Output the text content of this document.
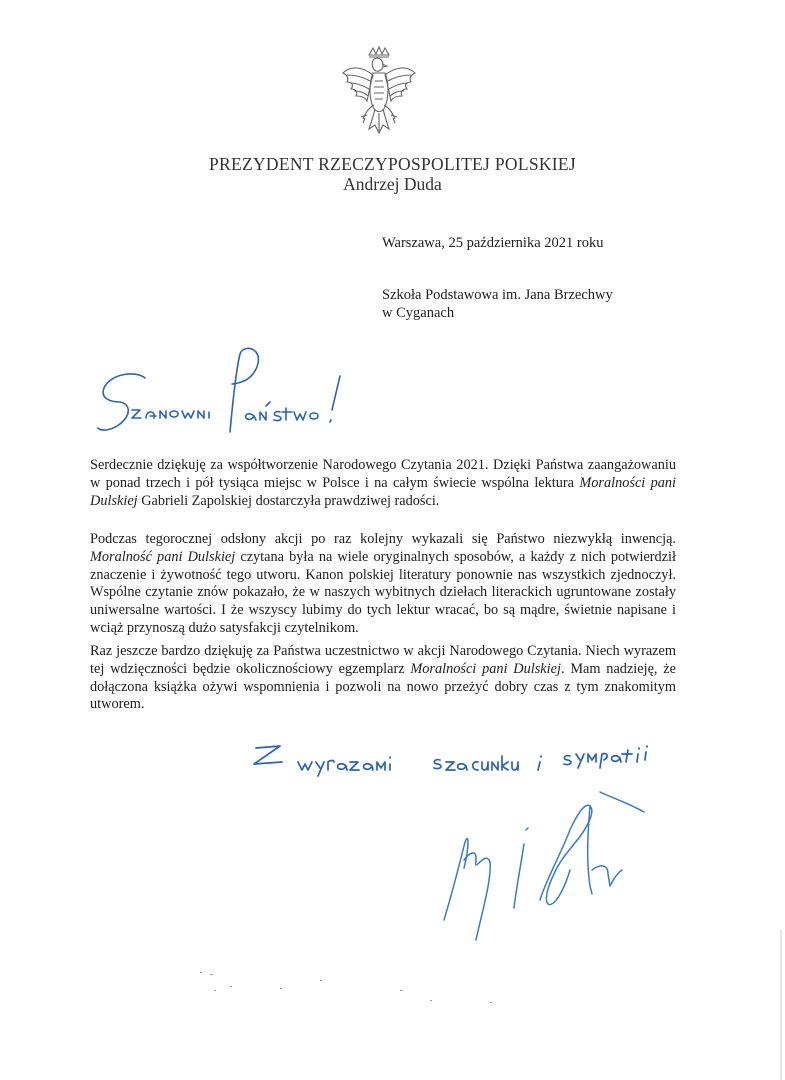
PREZYDENT RZECZYPOSPOLITEJ POLSKIEJ
Andrzej Duda
Warszawa, 25 października 2021 roku
Szkoła Podstawowa im. Jana Brzechwy
w Cyganach
Serdecznie dziękuję za współtworzenie Narodowego Czytania 2021. Dzięki Państwa zaangażowaniu w ponad trzech i pół tysiąca miejsc w Polsce i na całym świecie wspólna lektura Moralności pani Dulskiej Gabrieli Zapolskiej dostarczyła prawdziwej radości.
Podczas tegorocznej odsłony akcji po raz kolejny wykazali się Państwo niezwykłą inwencją. Moralność pani Dulskiej czytana była na wiele oryginalnych sposobów, a każdy z nich potwierdził znaczenie i żywotność tego utworu. Kanon polskiej literatury ponownie nas wszystkich zjednoczył. Wspólne czytanie znów pokazało, że w naszych wybitnych dziełach literackich ugruntowane zostały uniwersalne wartości. I że wszyscy lubimy do tych lektur wracać, bo są mądre, świetnie napisane i wciąż przynoszą dużo satysfakcji czytelnikom.
Raz jeszcze bardzo dziękuję za Państwa uczestnictwo w akcji Narodowego Czytania. Niech wyrazem tej wdzięczności będzie okolicznościowy egzemplarz Moralności pani Dulskiej. Mam nadzieję, że dołączona książka ożywi wspomnienia i pozwoli na nowo przeżyć dobry czas z tym znakomitym utworem.
